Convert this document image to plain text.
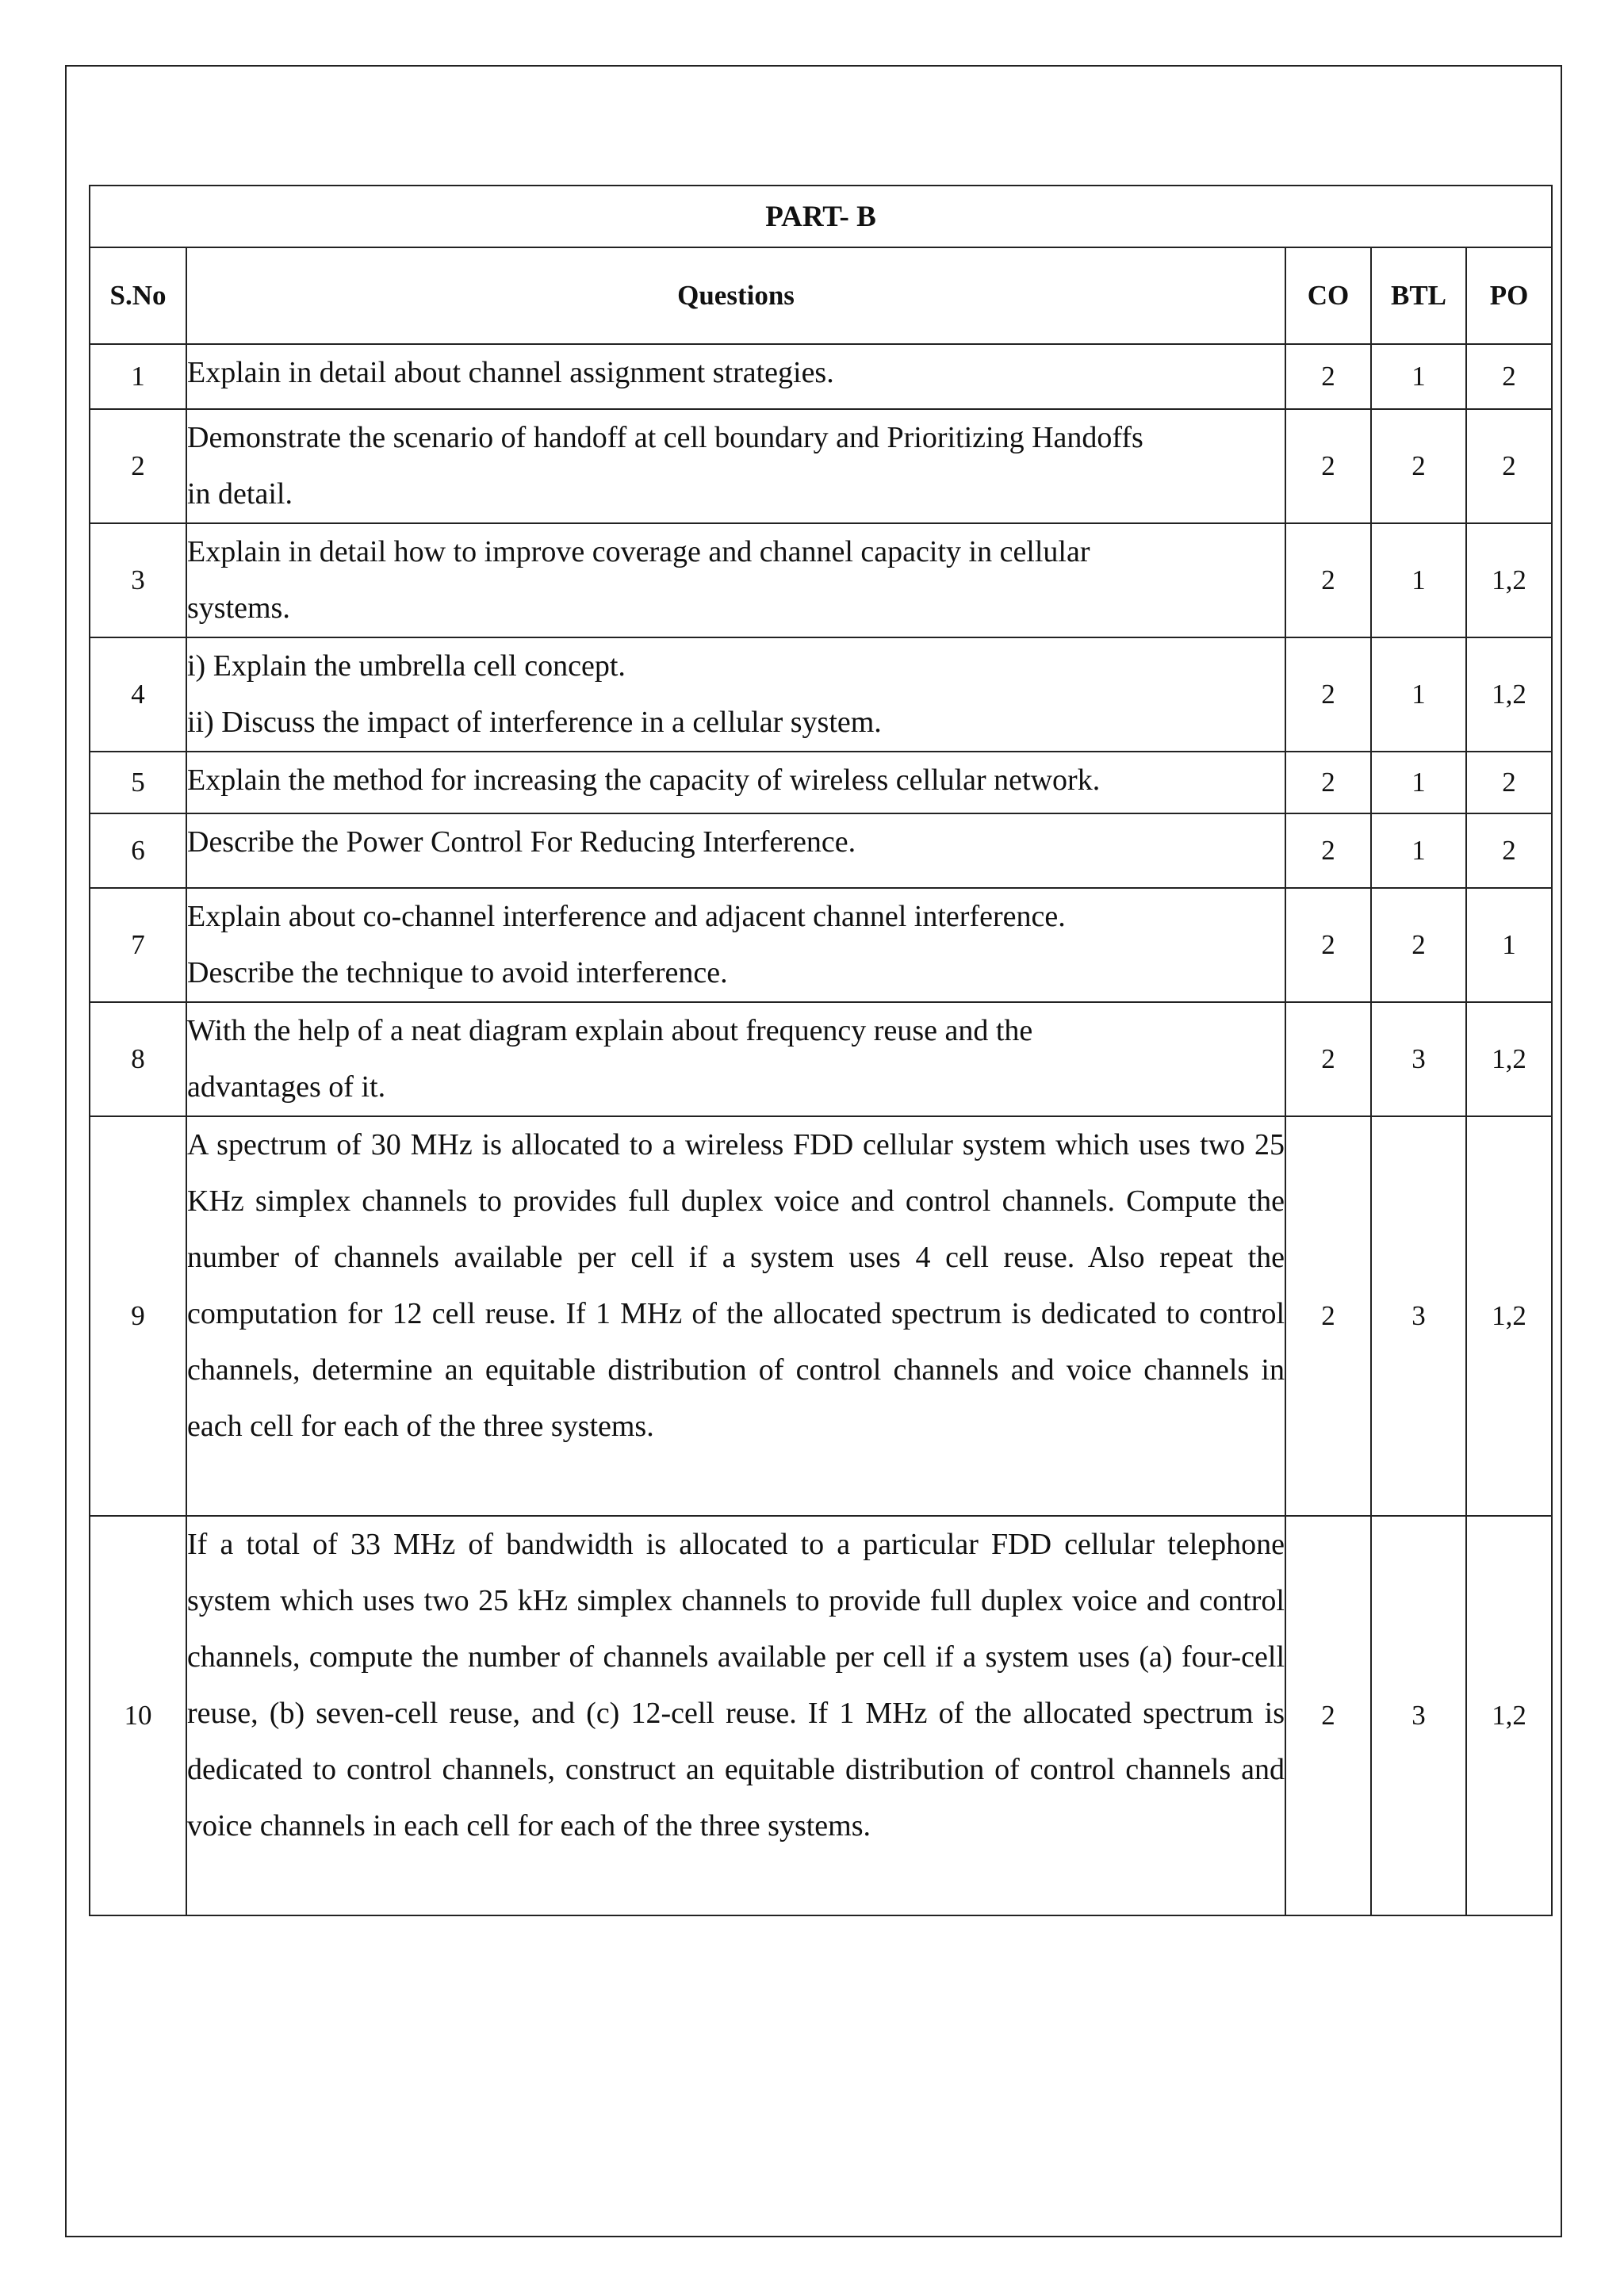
PART- B				
S.No	Questions	CO	BTL	PO
1	Explain in detail about channel assignment strategies.	2	1	2
2	Demonstrate the scenario of handoff at cell boundary and Prioritizing Handoffs
in detail.	2	2	2
3	Explain in detail how to improve coverage and channel capacity in cellular
systems.	2	1	1,2
4	i) Explain the umbrella cell concept.
ii) Discuss the impact of interference in a cellular system.	2	1	1,2
5	Explain the method for increasing the capacity of wireless cellular network.	2	1	2
6	Describe the Power Control For Reducing Interference.	2	1	2
7	Explain about co-channel interference and adjacent channel interference.
Describe the technique to avoid interference.	2	2	1
8	With the help of a neat diagram explain about frequency reuse and the
advantages of it.	2	3	1,2
9	A spectrum of 30 MHz is allocated to a wireless FDD cellular system which uses two 25 KHz simplex channels to provides full duplex voice and control channels. Compute the number of channels available per cell if a system uses 4 cell reuse. Also repeat the computation for 12 cell reuse. If 1 MHz of the allocated spectrum is dedicated to control channels, determine an equitable distribution of control channels and voice channels in each cell for each of the three systems.	2	3	1,2
10	If a total of 33 MHz of bandwidth is allocated to a particular FDD cellular telephone system which uses two 25 kHz simplex channels to provide full duplex voice and control channels, compute the number of channels available per cell if a system uses (a) four-cell reuse, (b) seven-cell reuse, and (c) 12-cell reuse. If 1 MHz of the allocated spectrum is dedicated to control channels, construct an equitable distribution of control channels and voice channels in each cell for each of the three systems.	2	3	1,2
